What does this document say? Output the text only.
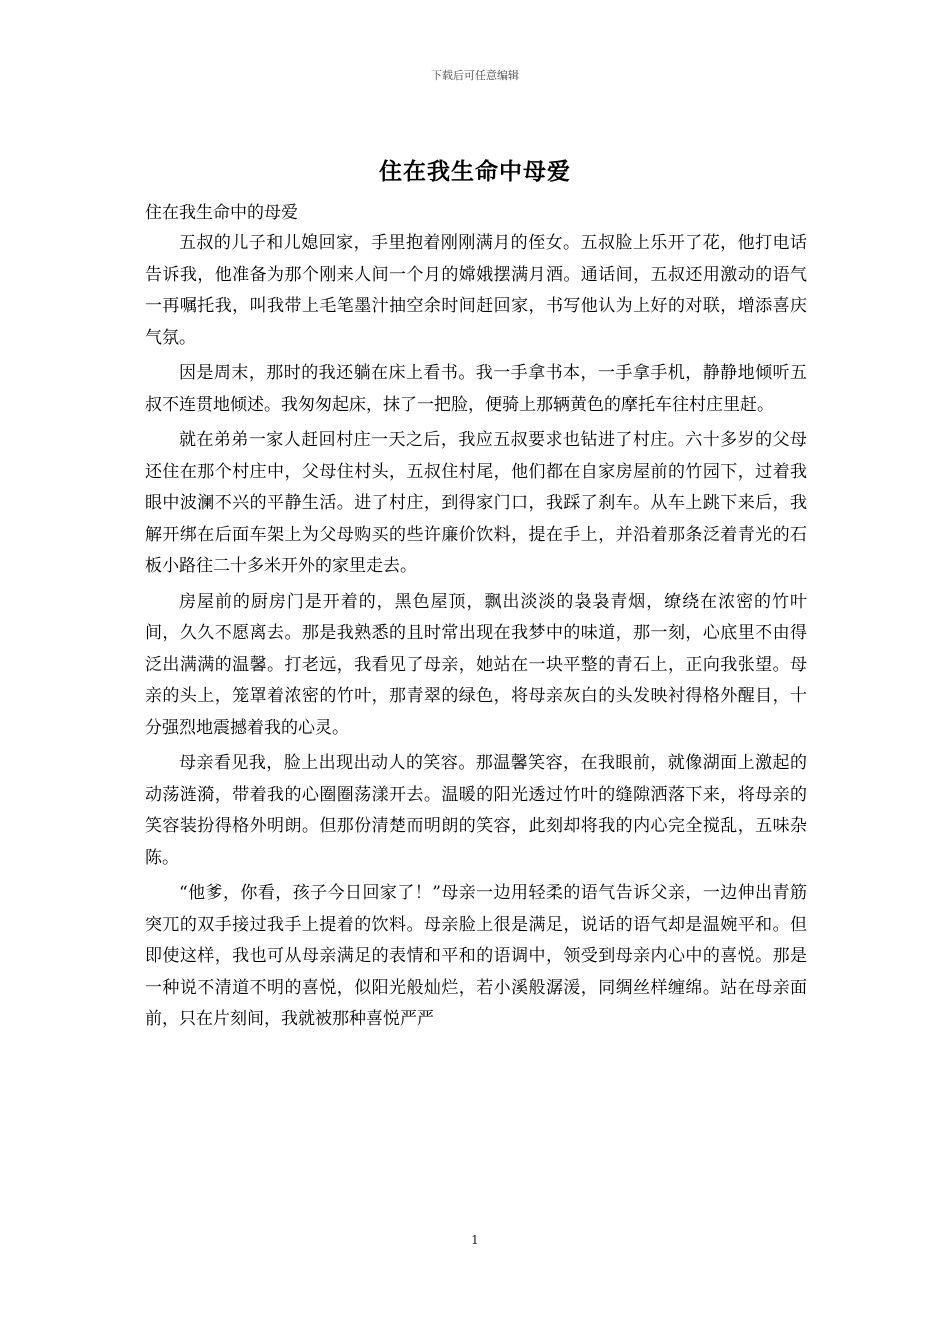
下载后可任意编辑
住在我生命中母爱

住在我生命中的母爱

五叔的儿子和儿媳回家，手里抱着刚刚满月的侄女。五叔脸上乐开了花，他打电话告诉我，他准备为那个刚来人间一个月的嫦娥摆满月酒。通话间，五叔还用激动的语气一再嘱托我，叫我带上毛笔墨汁抽空余时间赶回家，书写他认为上好的对联，增添喜庆气氛。

因是周末，那时的我还躺在床上看书。我一手拿书本，一手拿手机，静静地倾听五叔不连贯地倾述。我匆匆起床，抹了一把脸，便骑上那辆黄色的摩托车往村庄里赶。

就在弟弟一家人赶回村庄一天之后，我应五叔要求也钻进了村庄。六十多岁的父母还住在那个村庄中，父母住村头，五叔住村尾，他们都在自家房屋前的竹园下，过着我眼中波澜不兴的平静生活。进了村庄，到得家门口，我踩了刹车。从车上跳下来后，我解开绑在后面车架上为父母购买的些许廉价饮料，提在手上，并沿着那条泛着青光的石板小路往二十多米开外的家里走去。

房屋前的厨房门是开着的，黑色屋顶，飘出淡淡的袅袅青烟，缭绕在浓密的竹叶间，久久不愿离去。那是我熟悉的且时常出现在我梦中的味道，那一刻，心底里不由得泛出满满的温馨。打老远，我看见了母亲，她站在一块平整的青石上，正向我张望。母亲的头上，笼罩着浓密的竹叶，那青翠的绿色，将母亲灰白的头发映衬得格外醒目，十分强烈地震撼着我的心灵。

母亲看见我，脸上出现出动人的笑容。那温馨笑容，在我眼前，就像湖面上激起的动荡涟漪，带着我的心圈圈荡漾开去。温暖的阳光透过竹叶的缝隙洒落下来，将母亲的笑容装扮得格外明朗。但那份清楚而明朗的笑容，此刻却将我的内心完全搅乱，五味杂陈。

“他爹，你看，孩子今日回家了！”母亲一边用轻柔的语气告诉父亲，一边伸出青筋突兀的双手接过我手上提着的饮料。母亲脸上很是满足，说话的语气却是温婉平和。但即使这样，我也可从母亲满足的表情和平和的语调中，领受到母亲内心中的喜悦。那是一种说不清道不明的喜悦，似阳光般灿烂，若小溪般潺湲，同绸丝样缠绵。站在母亲面前，只在片刻间，我就被那种喜悦严严

1
